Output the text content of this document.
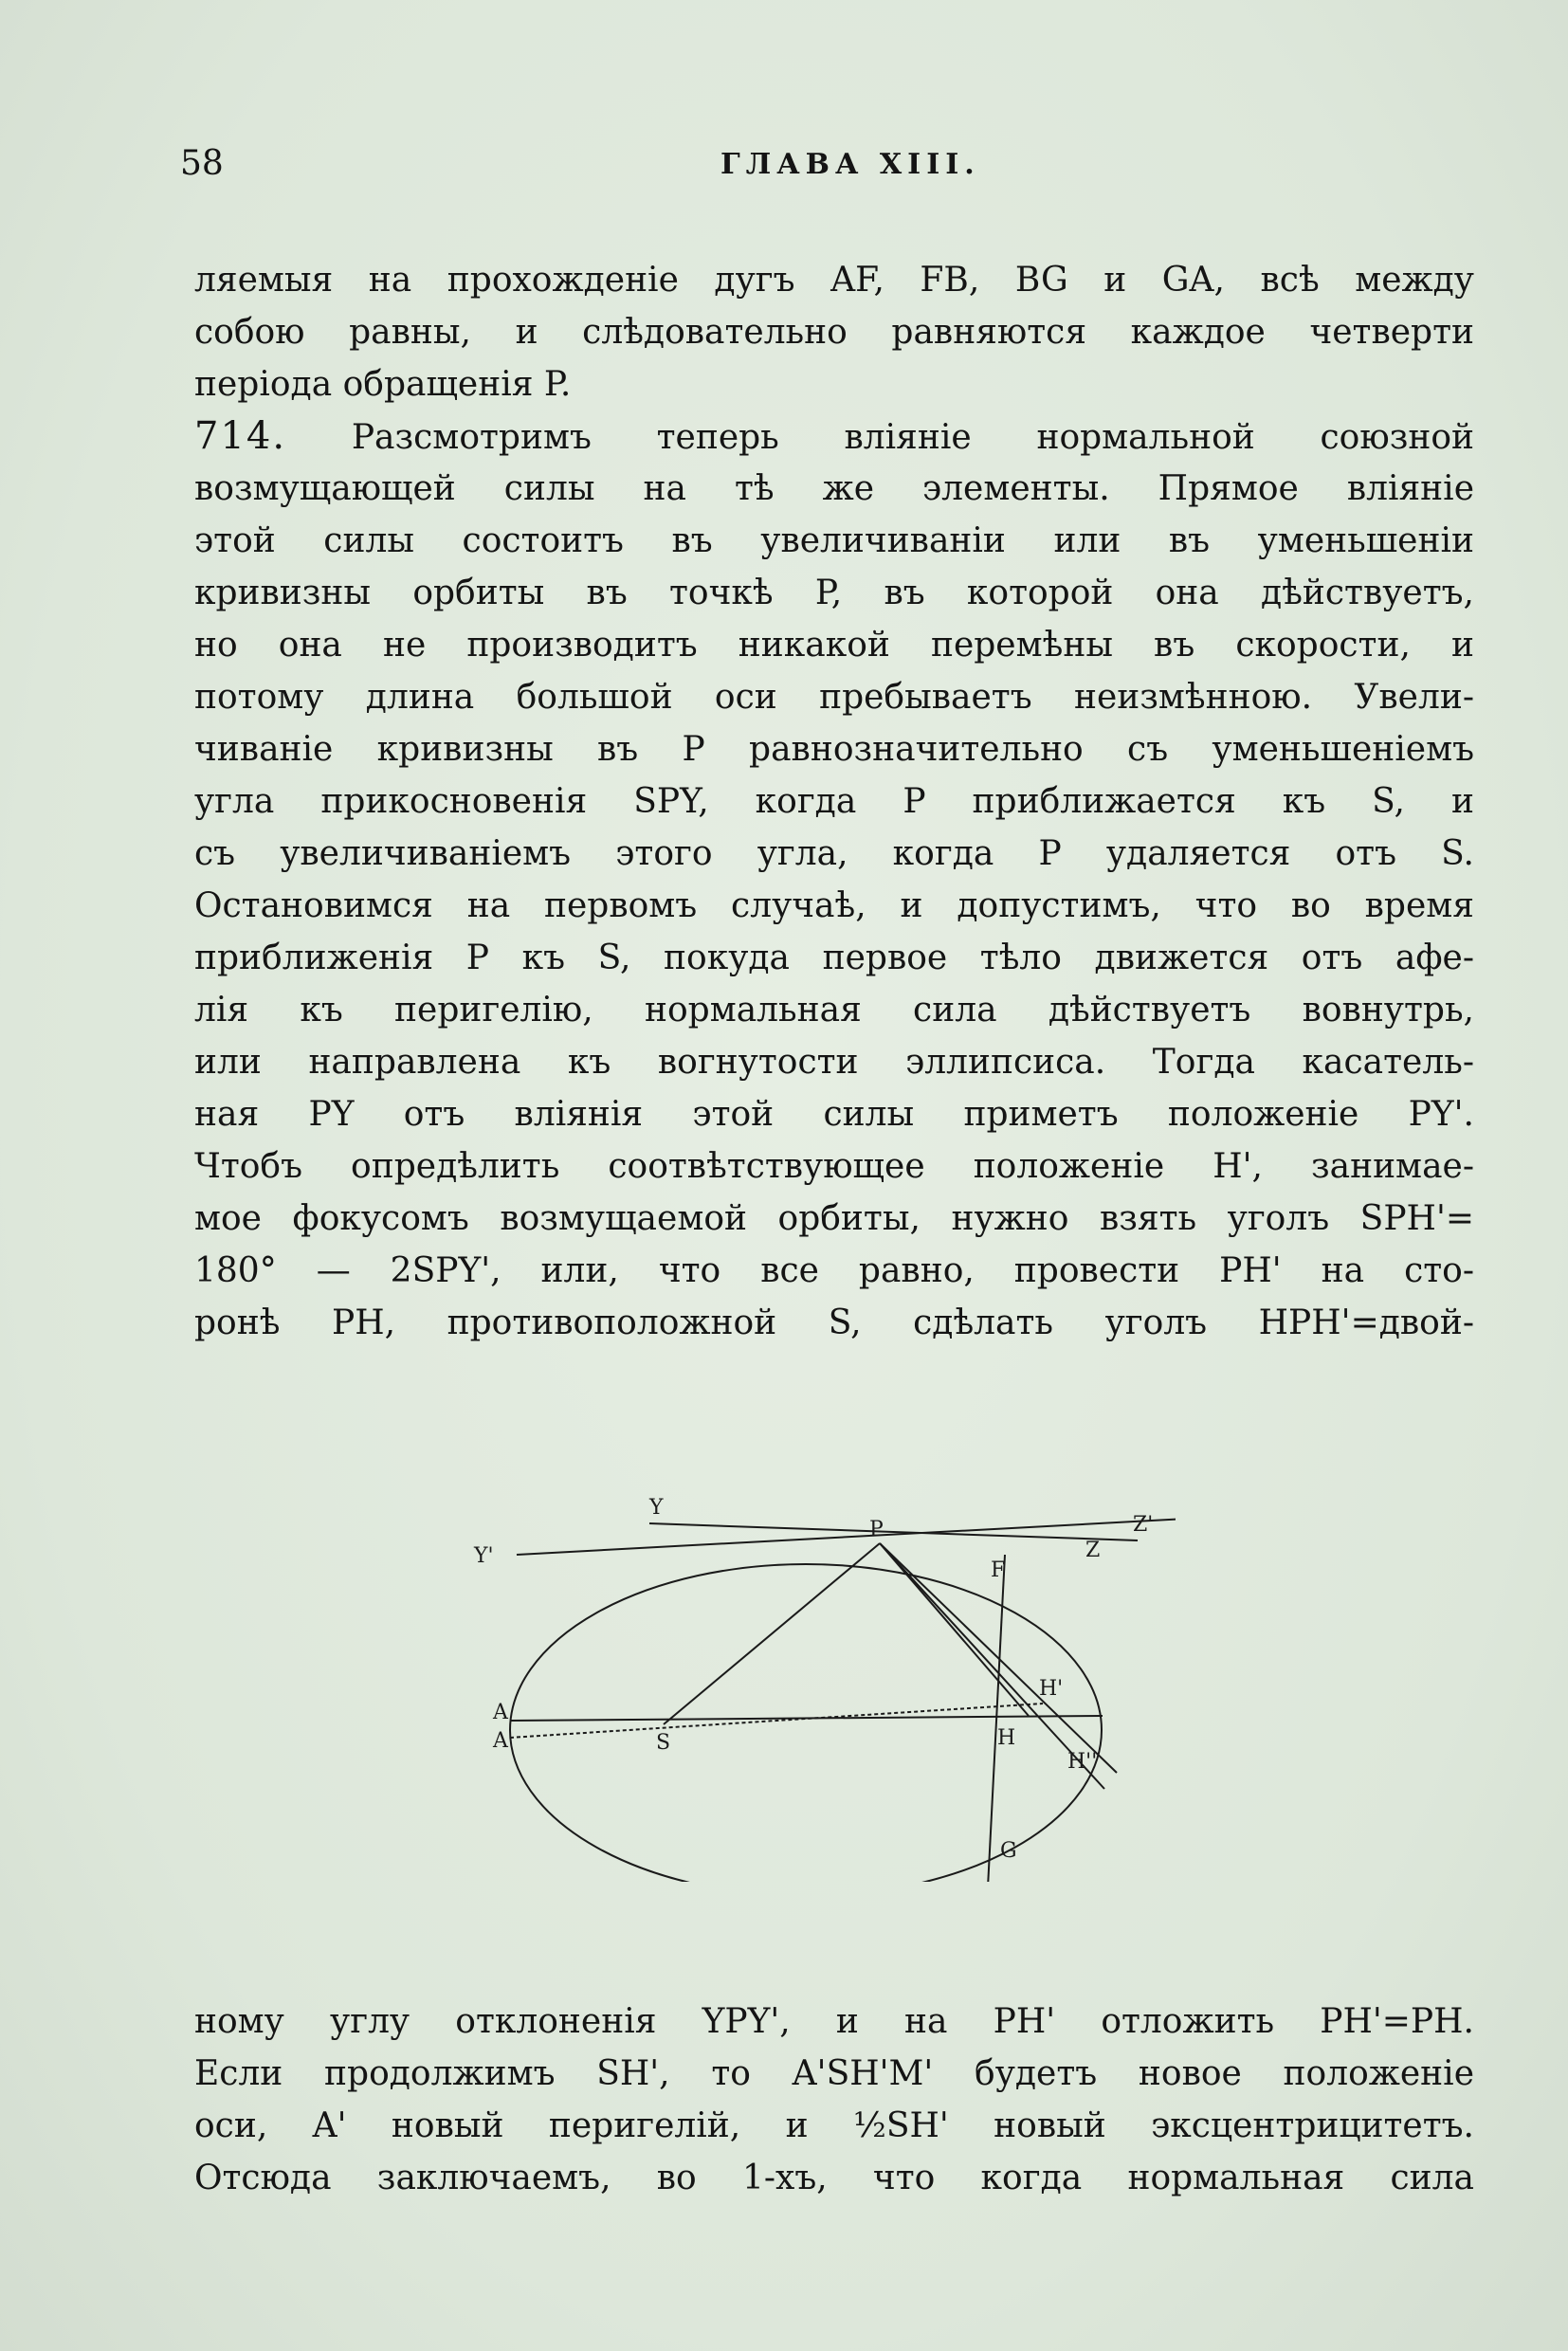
58	ГЛАВА XIII.
ляемыя на прохожденіе дугъ AF, FB, BG и GA, всѣ между
собою равны, и слѣдовательно равняются каждое четверти
періода обращенія P.
714. Разсмотримъ теперь вліяніе нормальной союзной
возмущающей силы на тѣ же элементы. Прямое вліяніе
этой силы состоитъ въ увеличиваніи или въ уменьшеніи
кривизны орбиты въ точкѣ P, въ которой она дѣйствуетъ,
но она не производитъ никакой перемѣны въ скорости, и
потому длина большой оси пребываетъ неизмѣнною. Увели-
чиваніе кривизны въ P равнозначительно съ уменьшеніемъ
угла прикосновенія SPY, когда P приближается къ S, и
съ увеличиваніемъ этого угла, когда P удаляется отъ S.
Остановимся на первомъ случаѣ, и допустимъ, что во время
приближенія P къ S, покуда первое тѣло движется отъ афе-
лія къ перигелію, нормальная сила дѣйствуетъ вовнутрь,
или направлена къ вогнутости эллипсиса. Тогда касатель-
ная PY отъ вліянія этой силы приметъ положеніе PY'.
Чтобъ опредѣлить соотвѣтствующее положеніе H', занимае-
мое фокусомъ возмущаемой орбиты, нужно взять уголъ SPH'=
180° — 2SPY', или, что все равно, провести PH' на сто-
ронѣ PH, противоположной S, сдѣлать уголъ HPH'=двой-
Y
Y'
P	Z'
Z
F
H'
A
A	S	H
H''
G
ному углу отклоненія YPY', и на PH' отложить PH'=PH.
Если продолжимъ SH', то A'SH'M' будетъ новое положеніе
оси, A' новый перигелій, и ½SH' новый эксцентрицитетъ.
Отсюда заключаемъ, во 1-хъ, что когда нормальная сила
